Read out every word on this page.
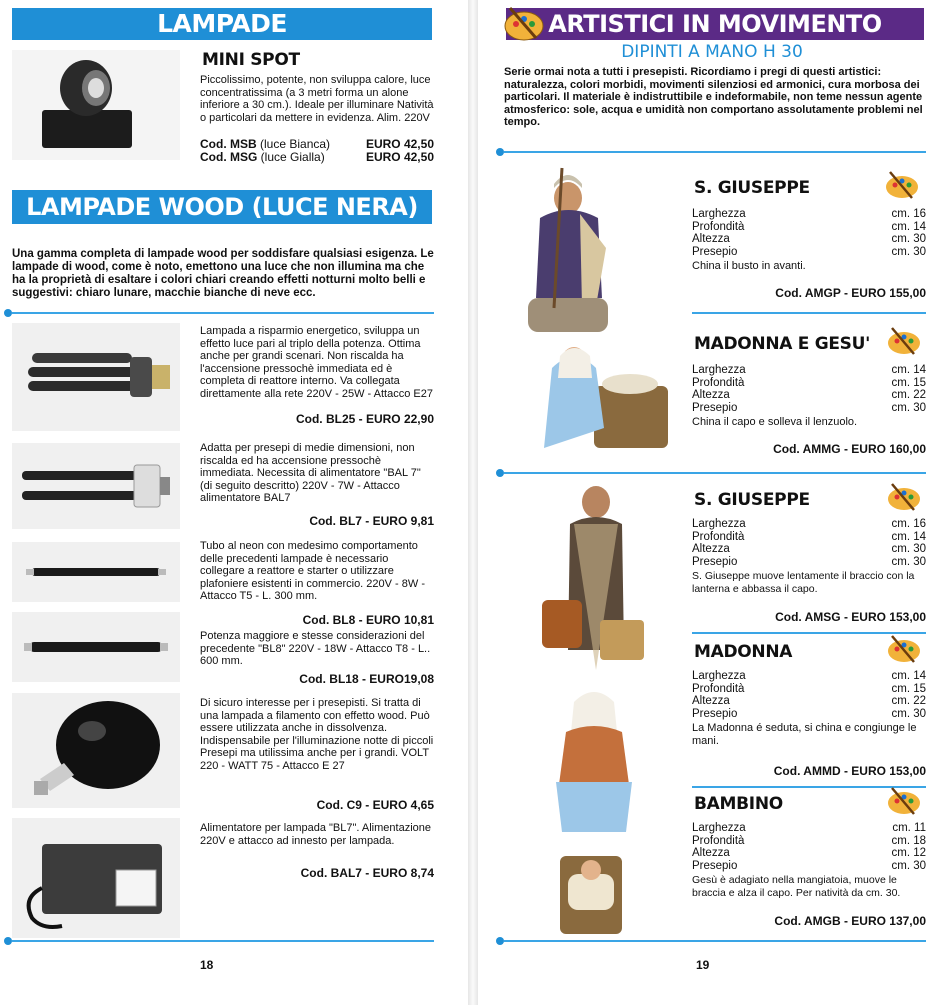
LAMPADE
MINI SPOT
Piccolissimo, potente, non sviluppa calore, luce concentratissima (a 3 metri forma un alone inferiore a 30 cm.). Ideale per illuminare Natività o particolari da mettere in evidenza. Alim. 220V
Cod. MSB (luce Bianca)	EURO 42,50
Cod. MSG (luce Gialla)	EURO 42,50
LAMPADE WOOD (LUCE NERA)
Una gamma completa di lampade wood per soddisfare qualsiasi esigenza. Le lampade di wood, come è noto, emettono una luce che non illumina ma che ha la proprietà di esaltare i colori chiari creando effetti notturni molto belli e suggestivi: chiaro lunare, macchie bianche di neve ecc.
Lampada a risparmio energetico, sviluppa un effetto luce pari al triplo della potenza. Ottima anche per grandi scenari. Non riscalda ha l'accensione pressochè immediata ed è completa di reattore interno. Va collegata direttamente alla rete 220V - 25W - Attacco E27
Cod. BL25 - EURO 22,90
Adatta per presepi di medie dimensioni, non riscalda ed ha accensione pressochè immediata. Necessita di alimentatore "BAL 7" (di seguito descritto) 220V - 7W - Attacco alimentatore BAL7
Cod. BL7 - EURO 9,81
Tubo al neon con medesimo comportamento delle precedenti lampade è necessario collegare a reattore e starter o utilizzare plafoniere esistenti in commercio. 220V - 8W - Attacco T5 - L. 300 mm.
Cod. BL8 - EURO 10,81
Potenza maggiore e stesse considerazioni del precedente "BL8" 220V - 18W - Attacco T8 - L.. 600 mm.
Cod. BL18 - EURO19,08
Di sicuro interesse per i presepisti. Si tratta di una lampada a filamento con effetto wood. Può essere utilizzata anche in dissolvenza. Indispensabile per l'illuminazione notte di piccoli Presepi ma utilissima anche per i grandi. VOLT 220 - WATT 75 - Attacco E 27
Cod. C9 - EURO 4,65
Alimentatore per lampada "BL7". Alimentazione 220V e attacco ad innesto per lampada.
Cod. BAL7 - EURO 8,74
18
ARTISTICI IN MOVIMENTO
DIPINTI A MANO H 30
Serie ormai nota a tutti i presepisti. Ricordiamo i pregi di questi artistici: naturalezza, colori morbidi, movimenti silenziosi ed armonici, cura morbosa dei particolari. Il materiale è indistruttibile e indeformabile, non teme nessun agente atmosferico: sole, acqua e umidità non comportano assolutamente problemi nel tempo.
S. GIUSEPPE
Larghezza	cm. 16
Profondità	cm. 14
Altezza	cm. 30
Presepio	cm. 30
China il busto in avanti.
Cod. AMGP - EURO 155,00
MADONNA E GESU'
Larghezza	cm. 14
Profondità	cm. 15
Altezza	cm. 22
Presepio	cm. 30
China il capo e solleva il lenzuolo.
Cod. AMMG - EURO 160,00
S. GIUSEPPE
Larghezza	cm. 16
Profondità	cm. 14
Altezza	cm. 30
Presepio	cm. 30
S. Giuseppe muove lentamente il braccio con la lanterna e abbassa il capo.
Cod. AMSG - EURO 153,00
MADONNA
Larghezza	cm. 14
Profondità	cm. 15
Altezza	cm. 22
Presepio	cm. 30
La Madonna é seduta, si china e congiunge le mani.
Cod. AMMD - EURO 153,00
BAMBINO
Larghezza	cm. 11
Profondità	cm. 18
Altezza	cm. 12
Presepio	cm. 30
Gesù è adagiato nella mangiatoia, muove le braccia e alza il capo. Per natività da cm. 30.
Cod. AMGB - EURO 137,00
19
